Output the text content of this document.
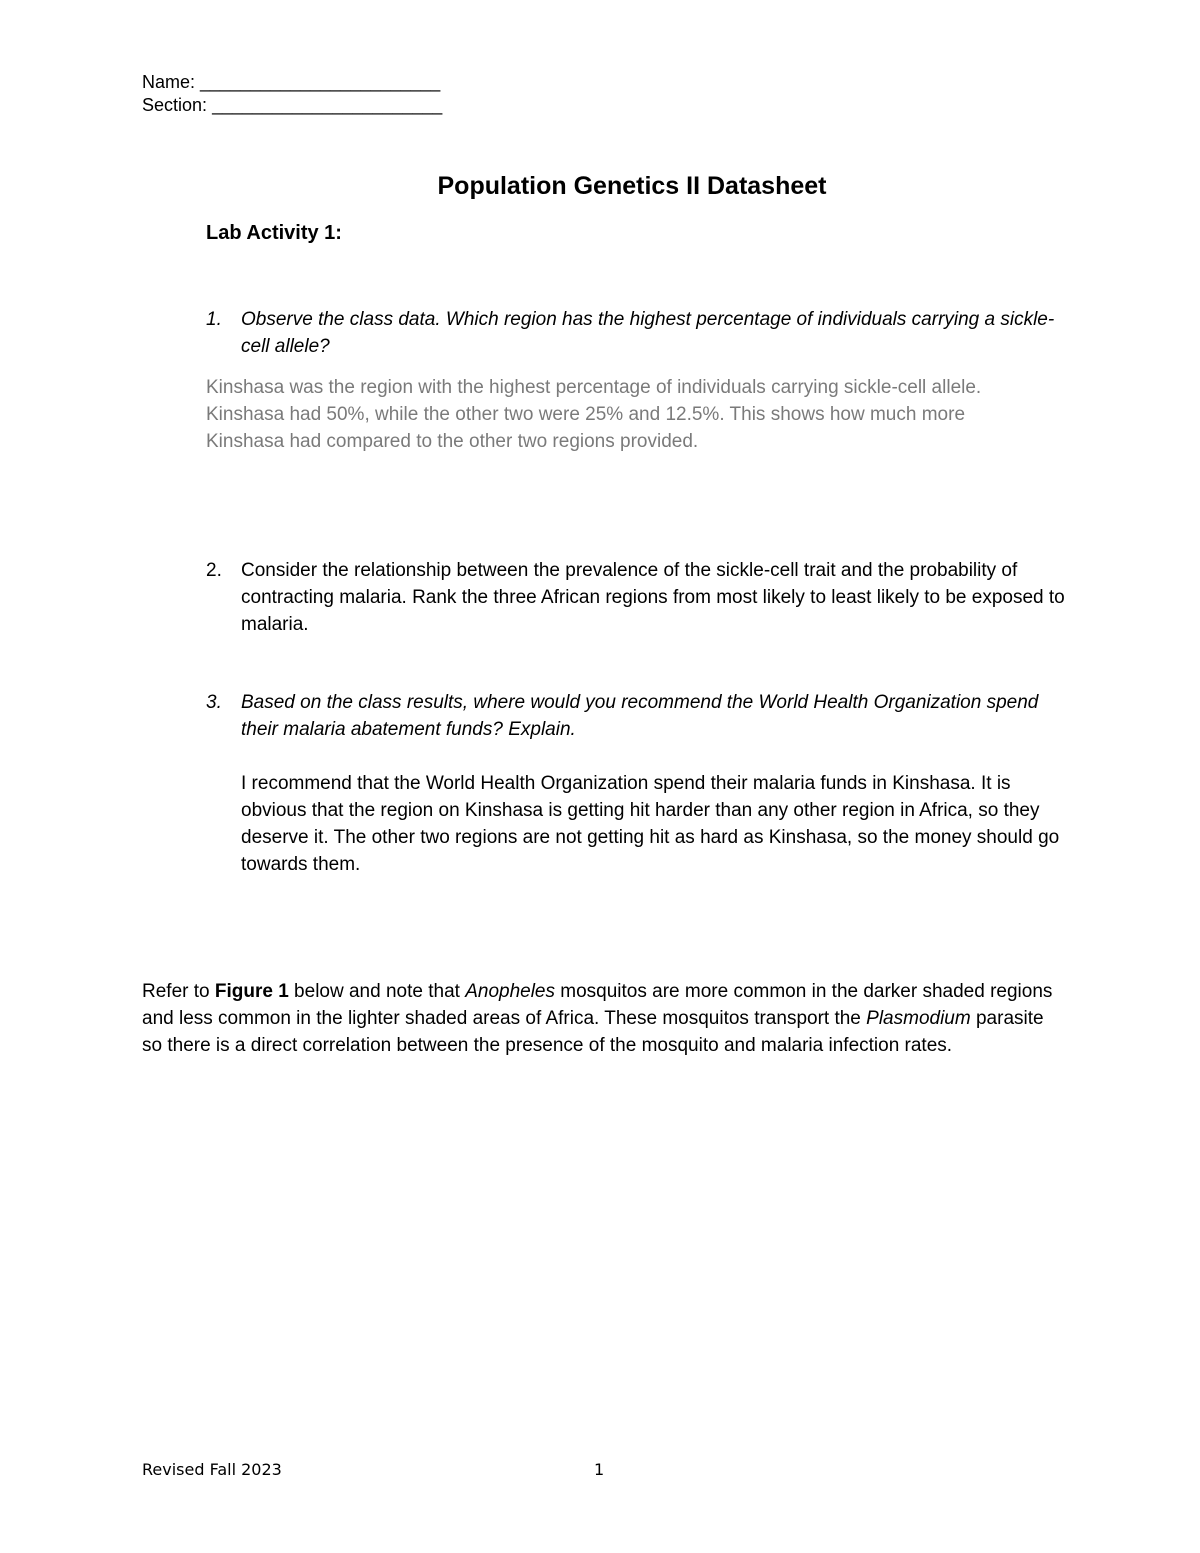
Name: ________________________
Section: _______________________
Population Genetics II Datasheet
Lab Activity 1:
1. Observe the class data. Which region has the highest percentage of individuals carrying a sickle-cell allele?
Kinshasa was the region with the highest percentage of individuals carrying sickle-cell allele. Kinshasa had 50%, while the other two were 25% and 12.5%. This shows how much more Kinshasa had compared to the other two regions provided.
2. Consider the relationship between the prevalence of the sickle-cell trait and the probability of contracting malaria. Rank the three African regions from most likely to least likely to be exposed to malaria.
3. Based on the class results, where would you recommend the World Health Organization spend their malaria abatement funds? Explain.
I recommend that the World Health Organization spend their malaria funds in Kinshasa. It is obvious that the region on Kinshasa is getting hit harder than any other region in Africa, so they deserve it. The other two regions are not getting hit as hard as Kinshasa, so the money should go towards them.
Refer to Figure 1 below and note that Anopheles mosquitos are more common in the darker shaded regions and less common in the lighter shaded areas of Africa. These mosquitos transport the Plasmodium parasite so there is a direct correlation between the presence of the mosquito and malaria infection rates.
Revised Fall 2023	1
